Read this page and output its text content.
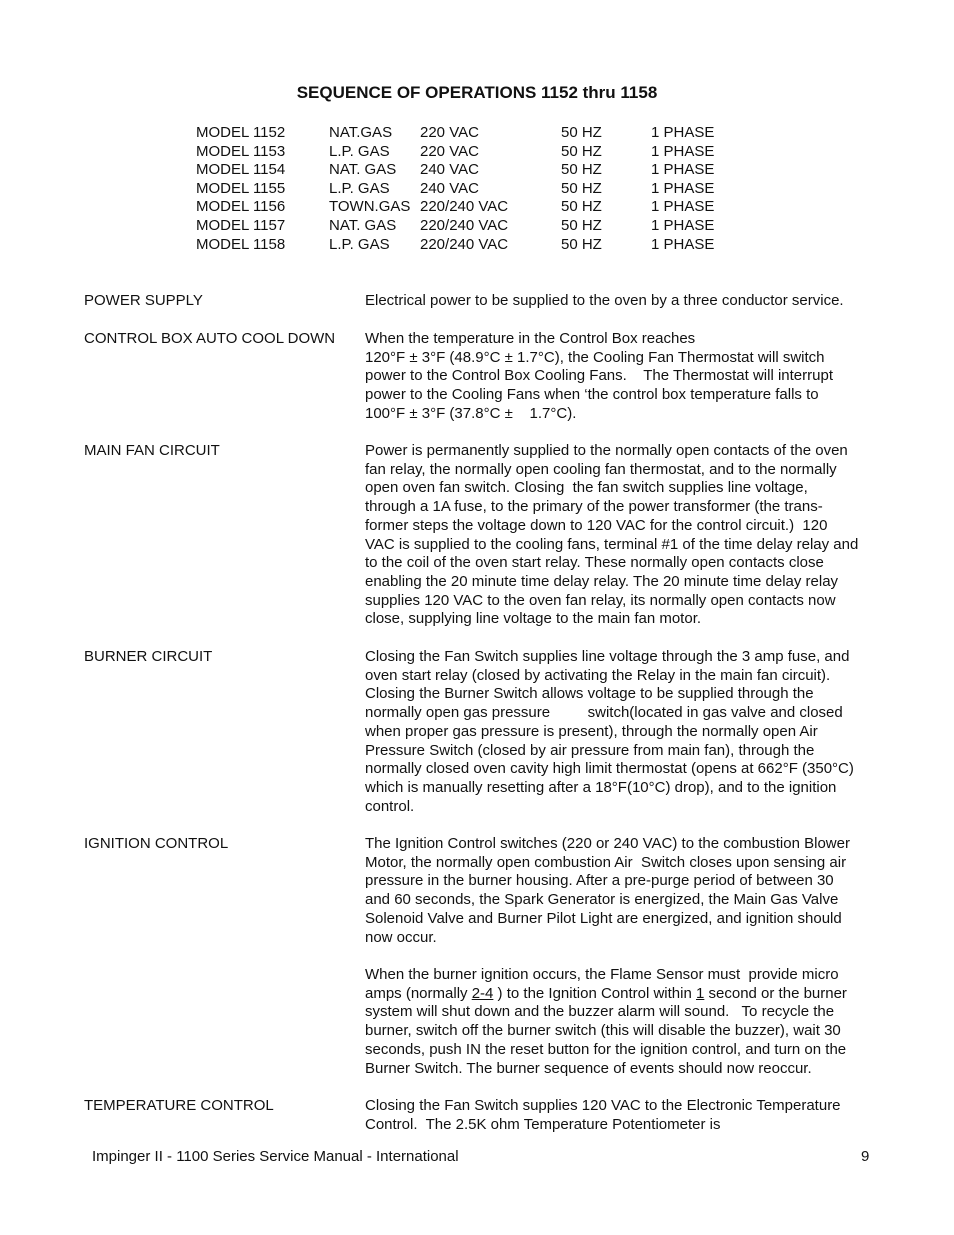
SEQUENCE OF OPERATIONS 1152 thru 1158
MODEL 1152	NAT.GAS	220 VAC	50 HZ	1 PHASE
MODEL 1153	L.P. GAS	220 VAC	50 HZ	1 PHASE
MODEL 1154	NAT. GAS	240 VAC	50 HZ	1 PHASE
MODEL 1155	L.P. GAS	240 VAC	50 HZ	1 PHASE
MODEL 1156	TOWN.GAS 220/240 VAC	50 HZ	1 PHASE
MODEL 1157	NAT. GAS	220/240 VAC	50 HZ	1 PHASE
MODEL 1158	L.P. GAS	220/240 VAC	50 HZ	1 PHASE
POWER SUPPLY	Electrical power to be supplied to the oven by a three conductor service.
CONTROL BOX AUTO COOL DOWN When the temperature in the Control Box reaches
120°F ± 3°F (48.9°C ± 1.7°C), the Cooling Fan Thermostat will switch
power to the Control Box Cooling Fans.    The Thermostat will interrupt
power to the Cooling Fans when ‘the control box temperature falls to
100°F ± 3°F (37.8°C ±    1.7°C).
MAIN FAN CIRCUIT	Power is permanently supplied to the normally open contacts of the oven
fan relay, the normally open cooling fan thermostat, and to the normally
open oven fan switch. Closing  the fan switch supplies line voltage,
through a 1A fuse, to the primary of the power transformer (the trans-
former steps the voltage down to 120 VAC for the control circuit.)  120
VAC is supplied to the cooling fans, terminal #1 of the time delay relay and
to the coil of the oven start relay. These normally open contacts close
enabling the 20 minute time delay relay. The 20 minute time delay relay
supplies 120 VAC to the oven fan relay, its normally open contacts now
close, supplying line voltage to the main fan motor.
BURNER CIRCUIT	Closing the Fan Switch supplies line voltage through the 3 amp fuse, and
oven start relay (closed by activating the Relay in the main fan circuit).
Closing the Burner Switch allows voltage to be supplied through the
normally open gas pressure         switch(located in gas valve and closed
when proper gas pressure is present), through the normally open Air
Pressure Switch (closed by air pressure from main fan), through the
normally closed oven cavity high limit thermostat (opens at 662°F (350°C)
which is manually resetting after a 18°F(10°C) drop), and to the ignition
control.
IGNITION CONTROL	The Ignition Control switches (220 or 240 VAC) to the combustion Blower
Motor, the normally open combustion Air  Switch closes upon sensing air
pressure in the burner housing. After a pre-purge period of between 30
and 60 seconds, the Spark Generator is energized, the Main Gas Valve
Solenoid Valve and Burner Pilot Light are energized, and ignition should
now occur.
When the burner ignition occurs, the Flame Sensor must  provide micro
amps (normally 2-4 ) to the Ignition Control within 1 second or the burner
system will shut down and the buzzer alarm will sound.   To recycle the
burner, switch off the burner switch (this will disable the buzzer), wait 30
seconds, push IN the reset button for the ignition control, and turn on the
Burner Switch. The burner sequence of events should now reoccur.
TEMPERATURE CONTROL	Closing the Fan Switch supplies 120 VAC to the Electronic Temperature
Control.  The 2.5K ohm Temperature Potentiometer is
Impinger II - 1100 Series Service Manual - International	9
